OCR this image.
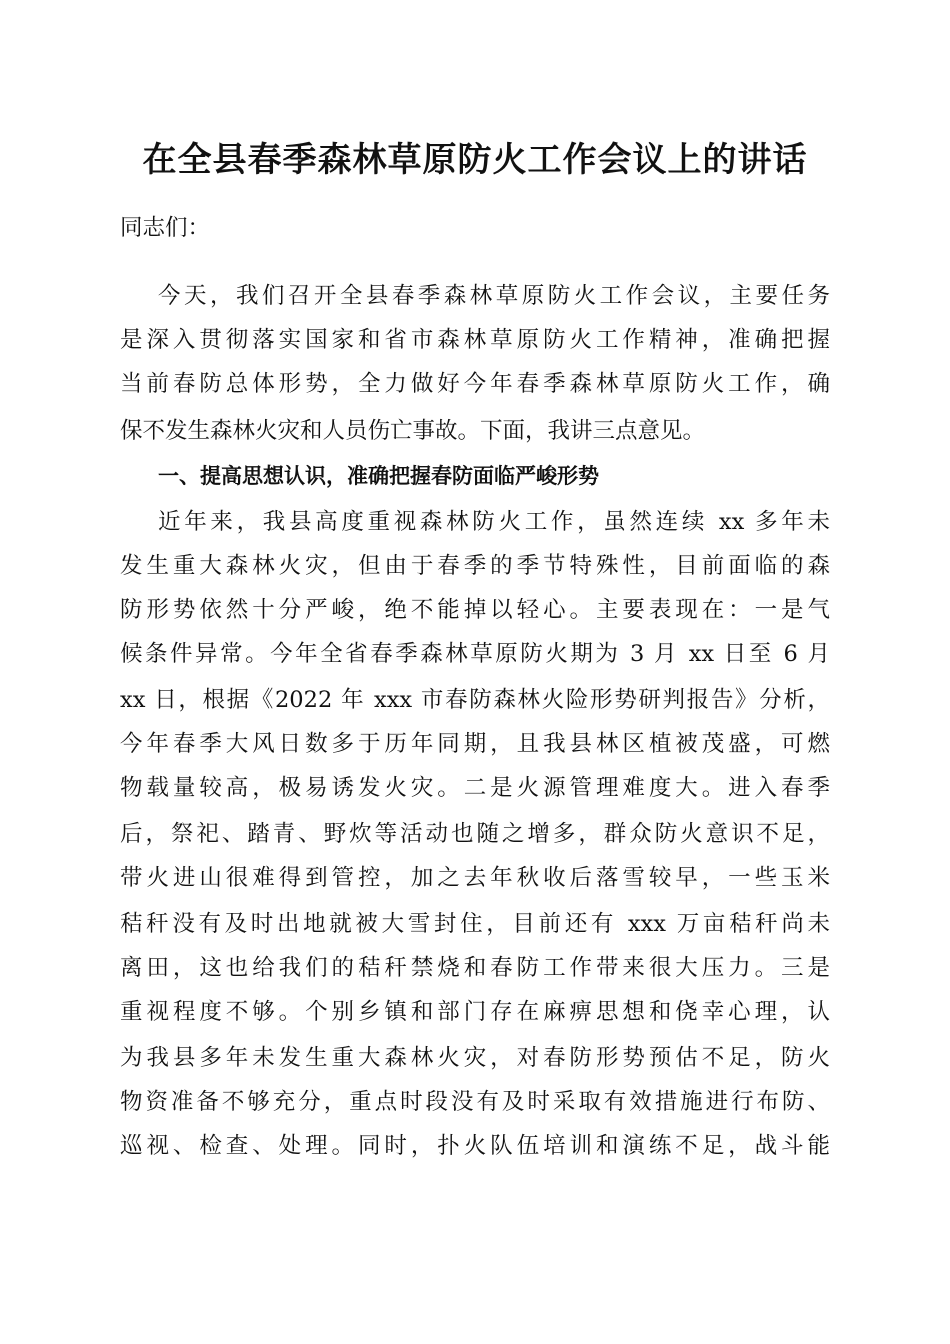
在全县春季森林草原防火工作会议上的讲话
同志们：
今天，我们召开全县春季森林草原防火工作会议，主要任务
是深入贯彻落实国家和省市森林草原防火工作精神，准确把握
当前春防总体形势，全力做好今年春季森林草原防火工作，确
保不发生森林火灾和人员伤亡事故。下面，我讲三点意见。
一、提高思想认识，准确把握春防面临严峻形势
近年来，我县高度重视森林防火工作，虽然连续 xx 多年未
发生重大森林火灾，但由于春季的季节特殊性，目前面临的森
防形势依然十分严峻，绝不能掉以轻心。主要表现在：一是气
候条件异常。今年全省春季森林草原防火期为 3 月 xx 日至 6 月
xx 日，根据《2022 年 xxx 市春防森林火险形势研判报告》分析，
今年春季大风日数多于历年同期，且我县林区植被茂盛，可燃
物载量较高，极易诱发火灾。二是火源管理难度大。进入春季
后，祭祀、踏青、野炊等活动也随之增多，群众防火意识不足，
带火进山很难得到管控，加之去年秋收后落雪较早，一些玉米
秸秆没有及时出地就被大雪封住，目前还有 xxx 万亩秸秆尚未
离田，这也给我们的秸秆禁烧和春防工作带来很大压力。三是
重视程度不够。个别乡镇和部门存在麻痹思想和侥幸心理，认
为我县多年未发生重大森林火灾，对春防形势预估不足，防火
物资准备不够充分，重点时段没有及时采取有效措施进行布防、
巡视、检查、处理。同时，扑火队伍培训和演练不足，战斗能
